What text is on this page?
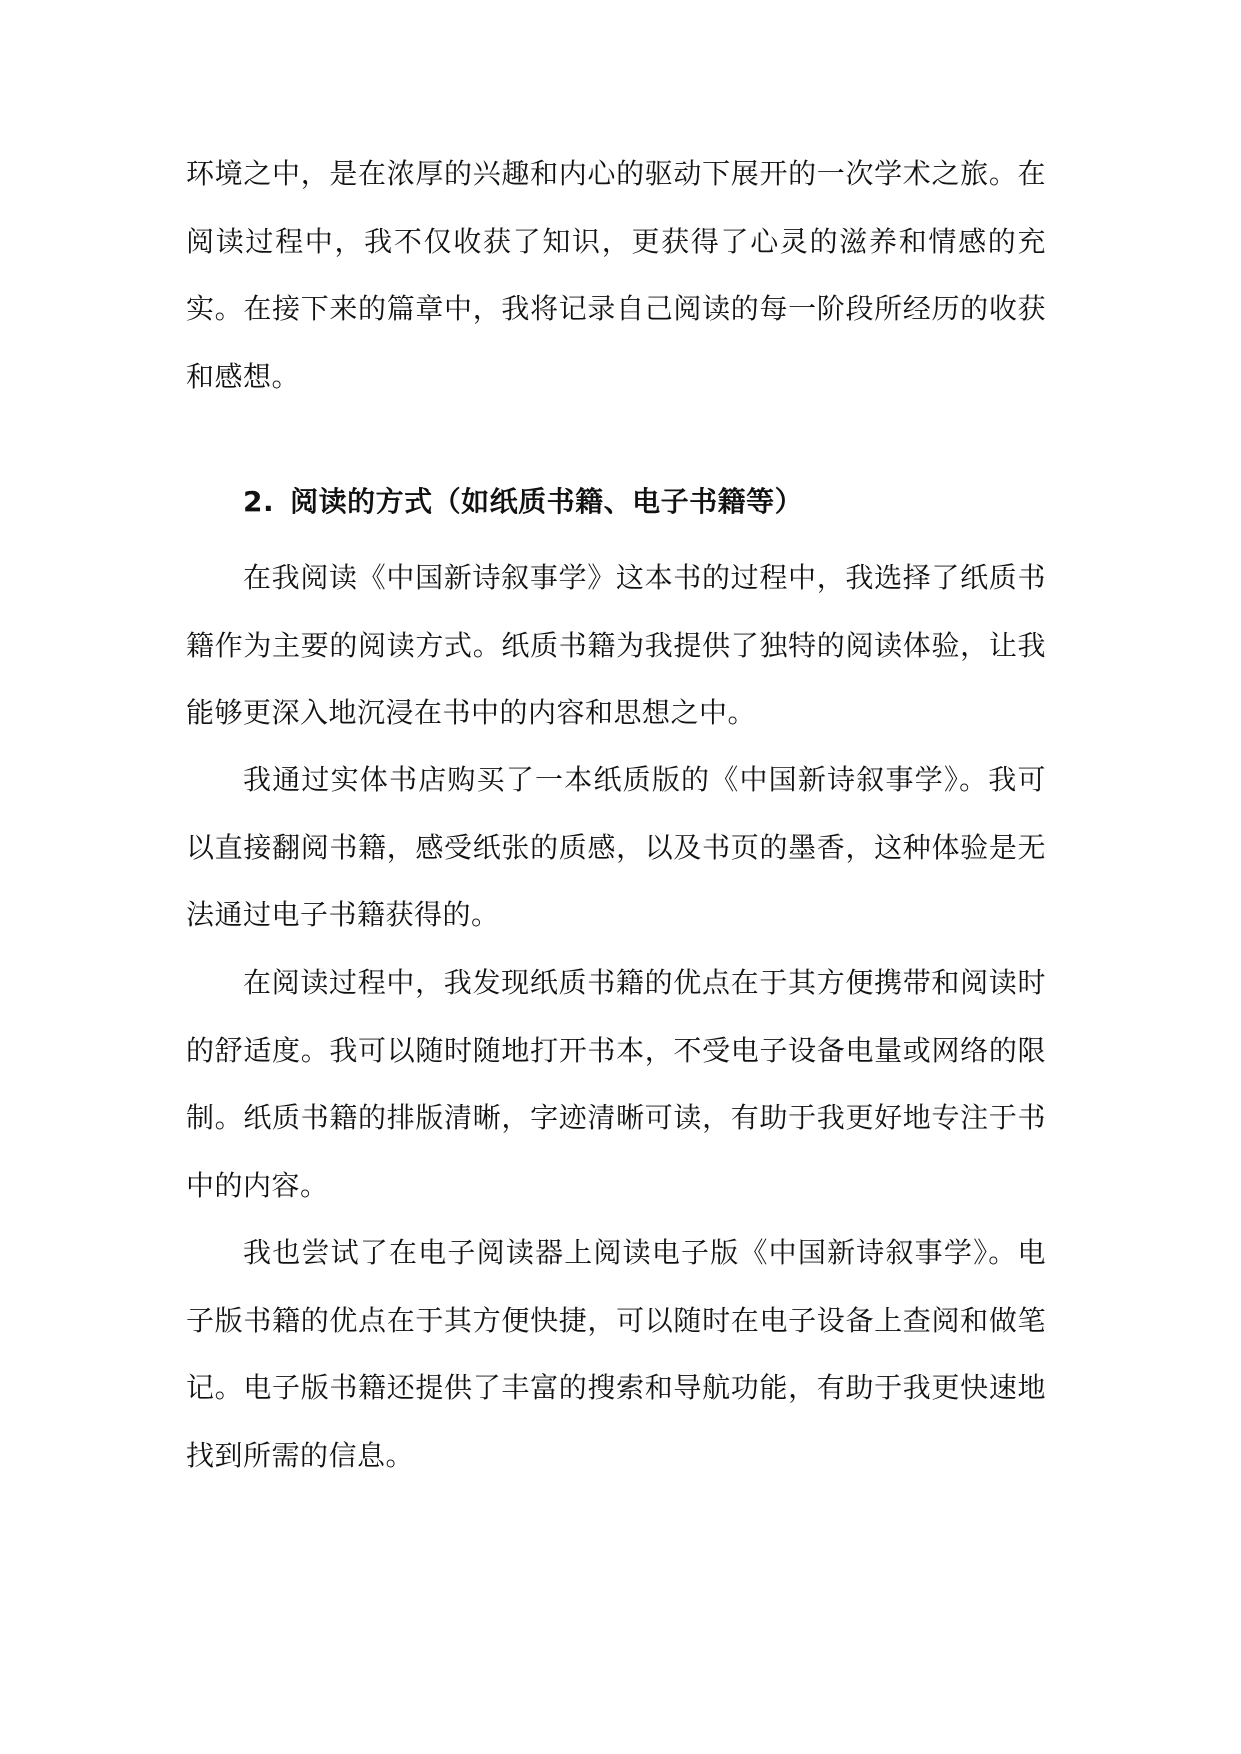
环境之中，是在浓厚的兴趣和内心的驱动下展开的一次学术之旅。在阅读过程中，我不仅收获了知识，更获得了心灵的滋养和情感的充实。在接下来的篇章中，我将记录自己阅读的每一阶段所经历的收获和感想。

2. 阅读的方式（如纸质书籍、电子书籍等）

在我阅读《中国新诗叙事学》这本书的过程中，我选择了纸质书籍作为主要的阅读方式。纸质书籍为我提供了独特的阅读体验，让我能够更深入地沉浸在书中的内容和思想之中。

我通过实体书店购买了一本纸质版的《中国新诗叙事学》。我可以直接翻阅书籍，感受纸张的质感，以及书页的墨香，这种体验是无法通过电子书籍获得的。

在阅读过程中，我发现纸质书籍的优点在于其方便携带和阅读时的舒适度。我可以随时随地打开书本，不受电子设备电量或网络的限制。纸质书籍的排版清晰，字迹清晰可读，有助于我更好地专注于书中的内容。

我也尝试了在电子阅读器上阅读电子版《中国新诗叙事学》。电子版书籍的优点在于其方便快捷，可以随时在电子设备上查阅和做笔记。电子版书籍还提供了丰富的搜索和导航功能，有助于我更快速地找到所需的信息。
